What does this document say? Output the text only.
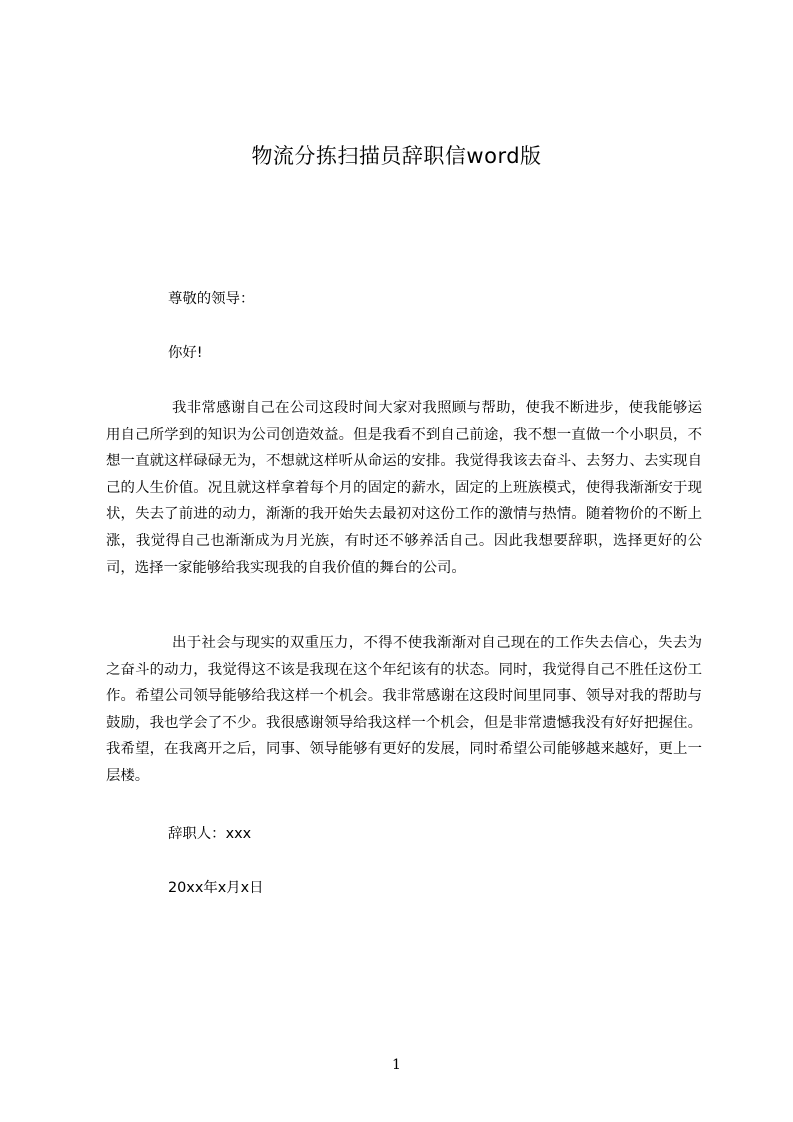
物流分拣扫描员辞职信word版
尊敬的领导：
你好!

我非常感谢自己在公司这段时间大家对我照顾与帮助，使我不断进步，使我能够运用自己所学到的知识为公司创造效益。但是我看不到自己前途，我不想一直做一个小职员，不想一直就这样碌碌无为，不想就这样听从命运的安排。我觉得我该去奋斗、去努力、去实现自己的人生价值。况且就这样拿着每个月的固定的薪水，固定的上班族模式，使得我渐渐安于现状，失去了前进的动力，渐渐的我开始失去最初对这份工作的激情与热情。随着物价的不断上涨，我觉得自己也渐渐成为月光族，有时还不够养活自己。因此我想要辞职，选择更好的公司，选择一家能够给我实现我的自我价值的舞台的公司。

出于社会与现实的双重压力，不得不使我渐渐对自己现在的工作失去信心，失去为之奋斗的动力，我觉得这不该是我现在这个年纪该有的状态。同时，我觉得自己不胜任这份工作。希望公司领导能够给我这样一个机会。我非常感谢在这段时间里同事、领导对我的帮助与鼓励，我也学会了不少。我很感谢领导给我这样一个机会，但是非常遗憾我没有好好把握住。我希望，在我离开之后，同事、领导能够有更好的发展，同时希望公司能够越来越好，更上一层楼。

辞职人：xxx
20xx年x月x日
1
